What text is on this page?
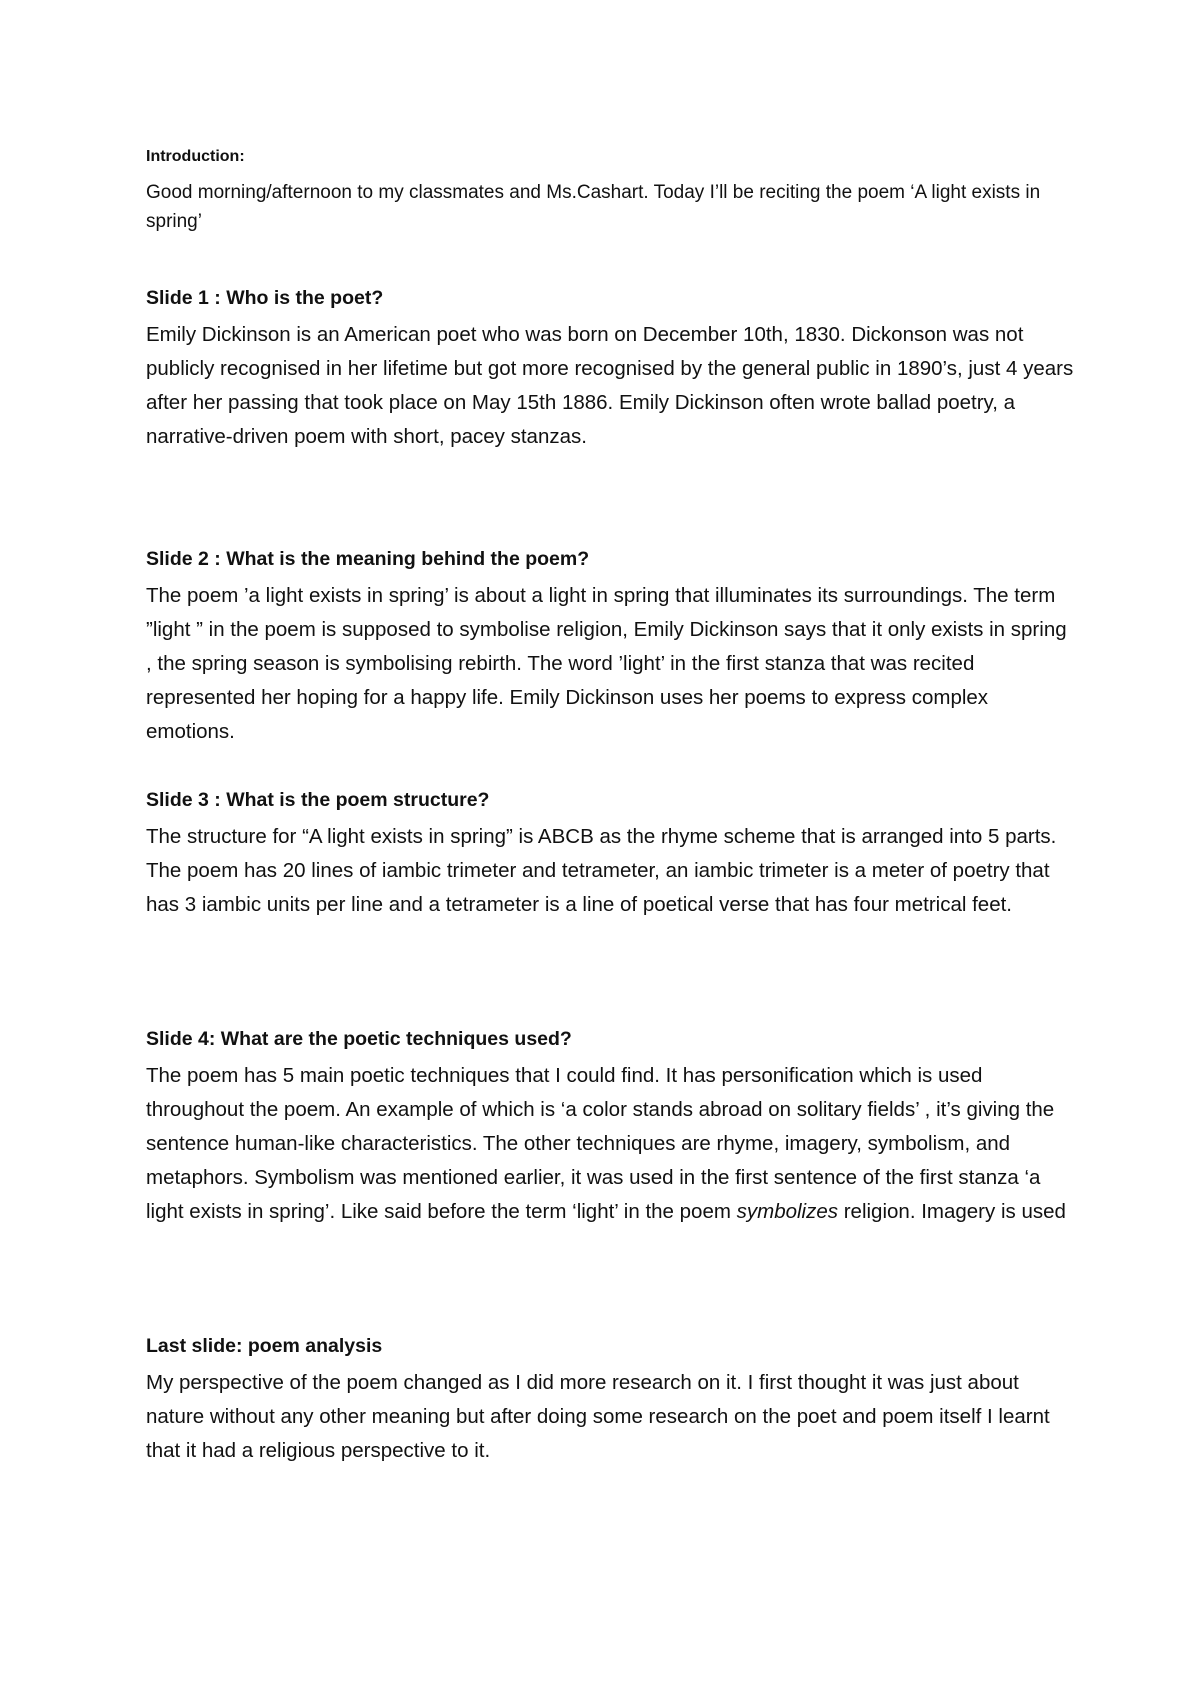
Introduction:

Good morning/afternoon to my classmates and Ms.Cashart. Today I’ll be reciting the poem ‘A light exists in spring’

Slide 1 : Who is the poet?

Emily Dickinson is an American poet who was born on December 10th, 1830. Dickonson was not publicly recognised in her lifetime but got more recognised by the general public in 1890’s, just 4 years after her passing that took place on May 15th 1886. Emily Dickinson often wrote ballad poetry, a narrative-driven poem with short, pacey stanzas.

Slide 2 : What is the meaning behind the poem?

The poem ’a light exists in spring’ is about a light in spring that illuminates its surroundings. The term ”light ” in the poem is supposed to symbolise religion, Emily Dickinson says that it only exists in spring , the spring season is symbolising rebirth. The word ’light’ in the first stanza that was recited represented her hoping for a happy life. Emily Dickinson uses her poems to express complex emotions.

Slide 3 : What is the poem structure?

The structure for “A light exists in spring” is ABCB as the rhyme scheme that is arranged into 5 parts. The poem has 20 lines of iambic trimeter and tetrameter, an iambic trimeter is a meter of poetry that has 3 iambic units per line and a tetrameter is a line of poetical verse that has four metrical feet.

Slide 4: What are the poetic techniques used?

The poem has 5 main poetic techniques that I could find. It has personification which is used throughout the poem. An example of which is ‘a color stands abroad on solitary fields’ , it’s giving the sentence human-like characteristics. The other techniques are rhyme, imagery, symbolism, and metaphors. Symbolism was mentioned earlier, it was used in the first sentence of the first stanza ‘a light exists in spring’. Like said before the term ‘light’ in the poem symbolizes religion. Imagery is used

Last slide: poem analysis

My perspective of the poem changed as I did more research on it. I first thought it was just about nature without any other meaning but after doing some research on the poet and poem itself I learnt that it had a religious perspective to it.
